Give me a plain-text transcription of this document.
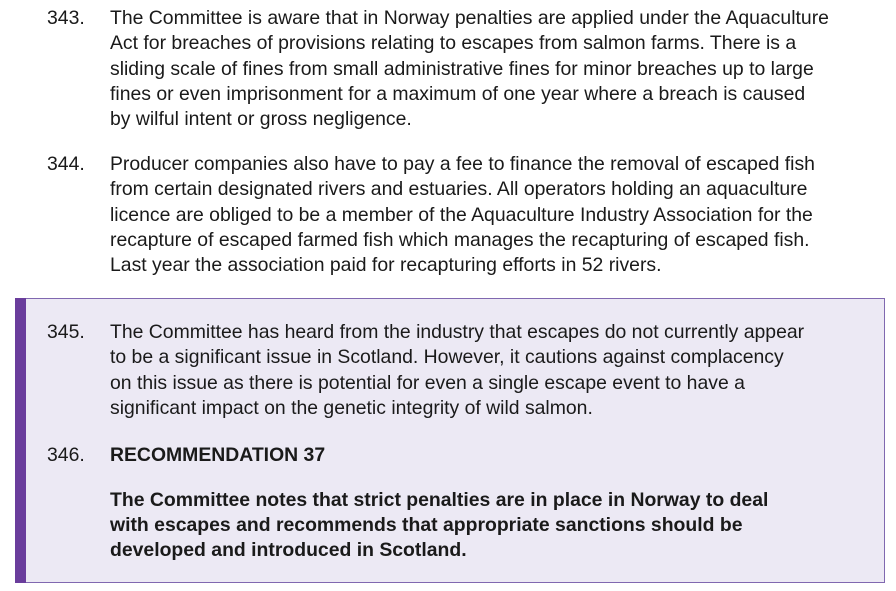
343. The Committee is aware that in Norway penalties are applied under the Aquaculture
Act for breaches of provisions relating to escapes from salmon farms. There is a
sliding scale of fines from small administrative fines for minor breaches up to large
fines or even imprisonment for a maximum of one year where a breach is caused
by wilful intent or gross negligence.
344. Producer companies also have to pay a fee to finance the removal of escaped fish
from certain designated rivers and estuaries. All operators holding an aquaculture
licence are obliged to be a member of the Aquaculture Industry Association for the
recapture of escaped farmed fish which manages the recapturing of escaped fish.
Last year the association paid for recapturing efforts in 52 rivers.
345. The Committee has heard from the industry that escapes do not currently appear
to be a significant issue in Scotland. However, it cautions against complacency
on this issue as there is potential for even a single escape event to have a
significant impact on the genetic integrity of wild salmon.
346. RECOMMENDATION 37
The Committee notes that strict penalties are in place in Norway to deal
with escapes and recommends that appropriate sanctions should be
developed and introduced in Scotland.
